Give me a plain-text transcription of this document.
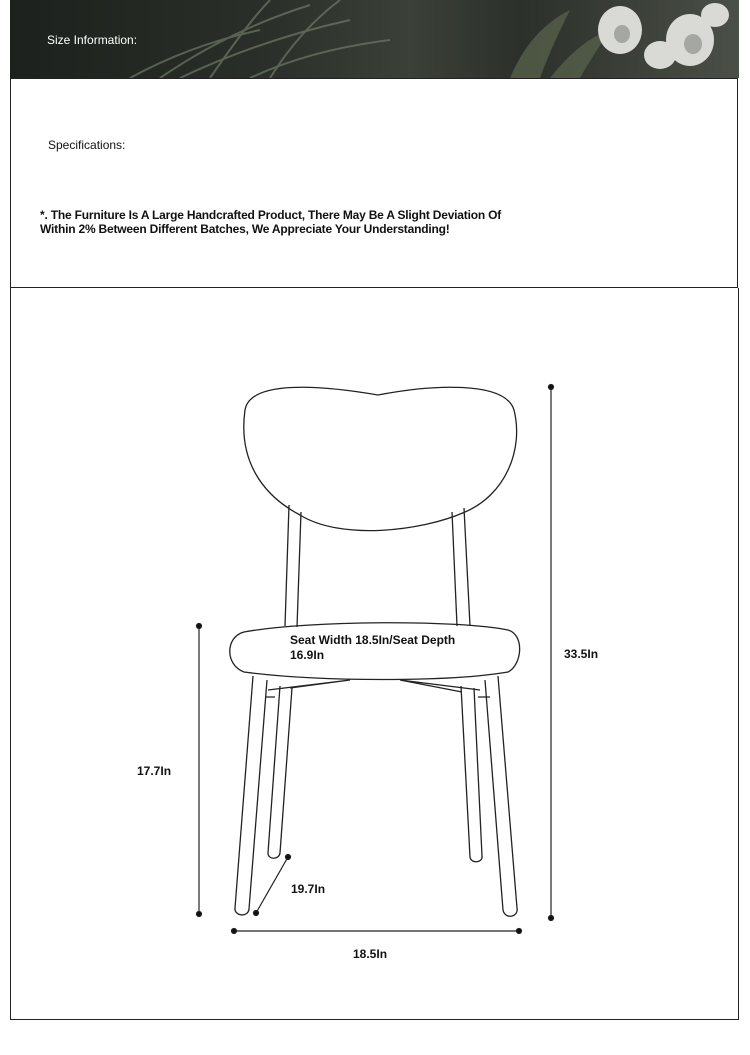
Size Information:
Specifications:
*. The Furniture Is A Large Handcrafted Product, There May Be A Slight Deviation Of Within 2% Between Different Batches, We Appreciate Your Understanding!
Seat Width 18.5In/Seat Depth 16.9In	33.5In
17.7In
19.7In
18.5In
